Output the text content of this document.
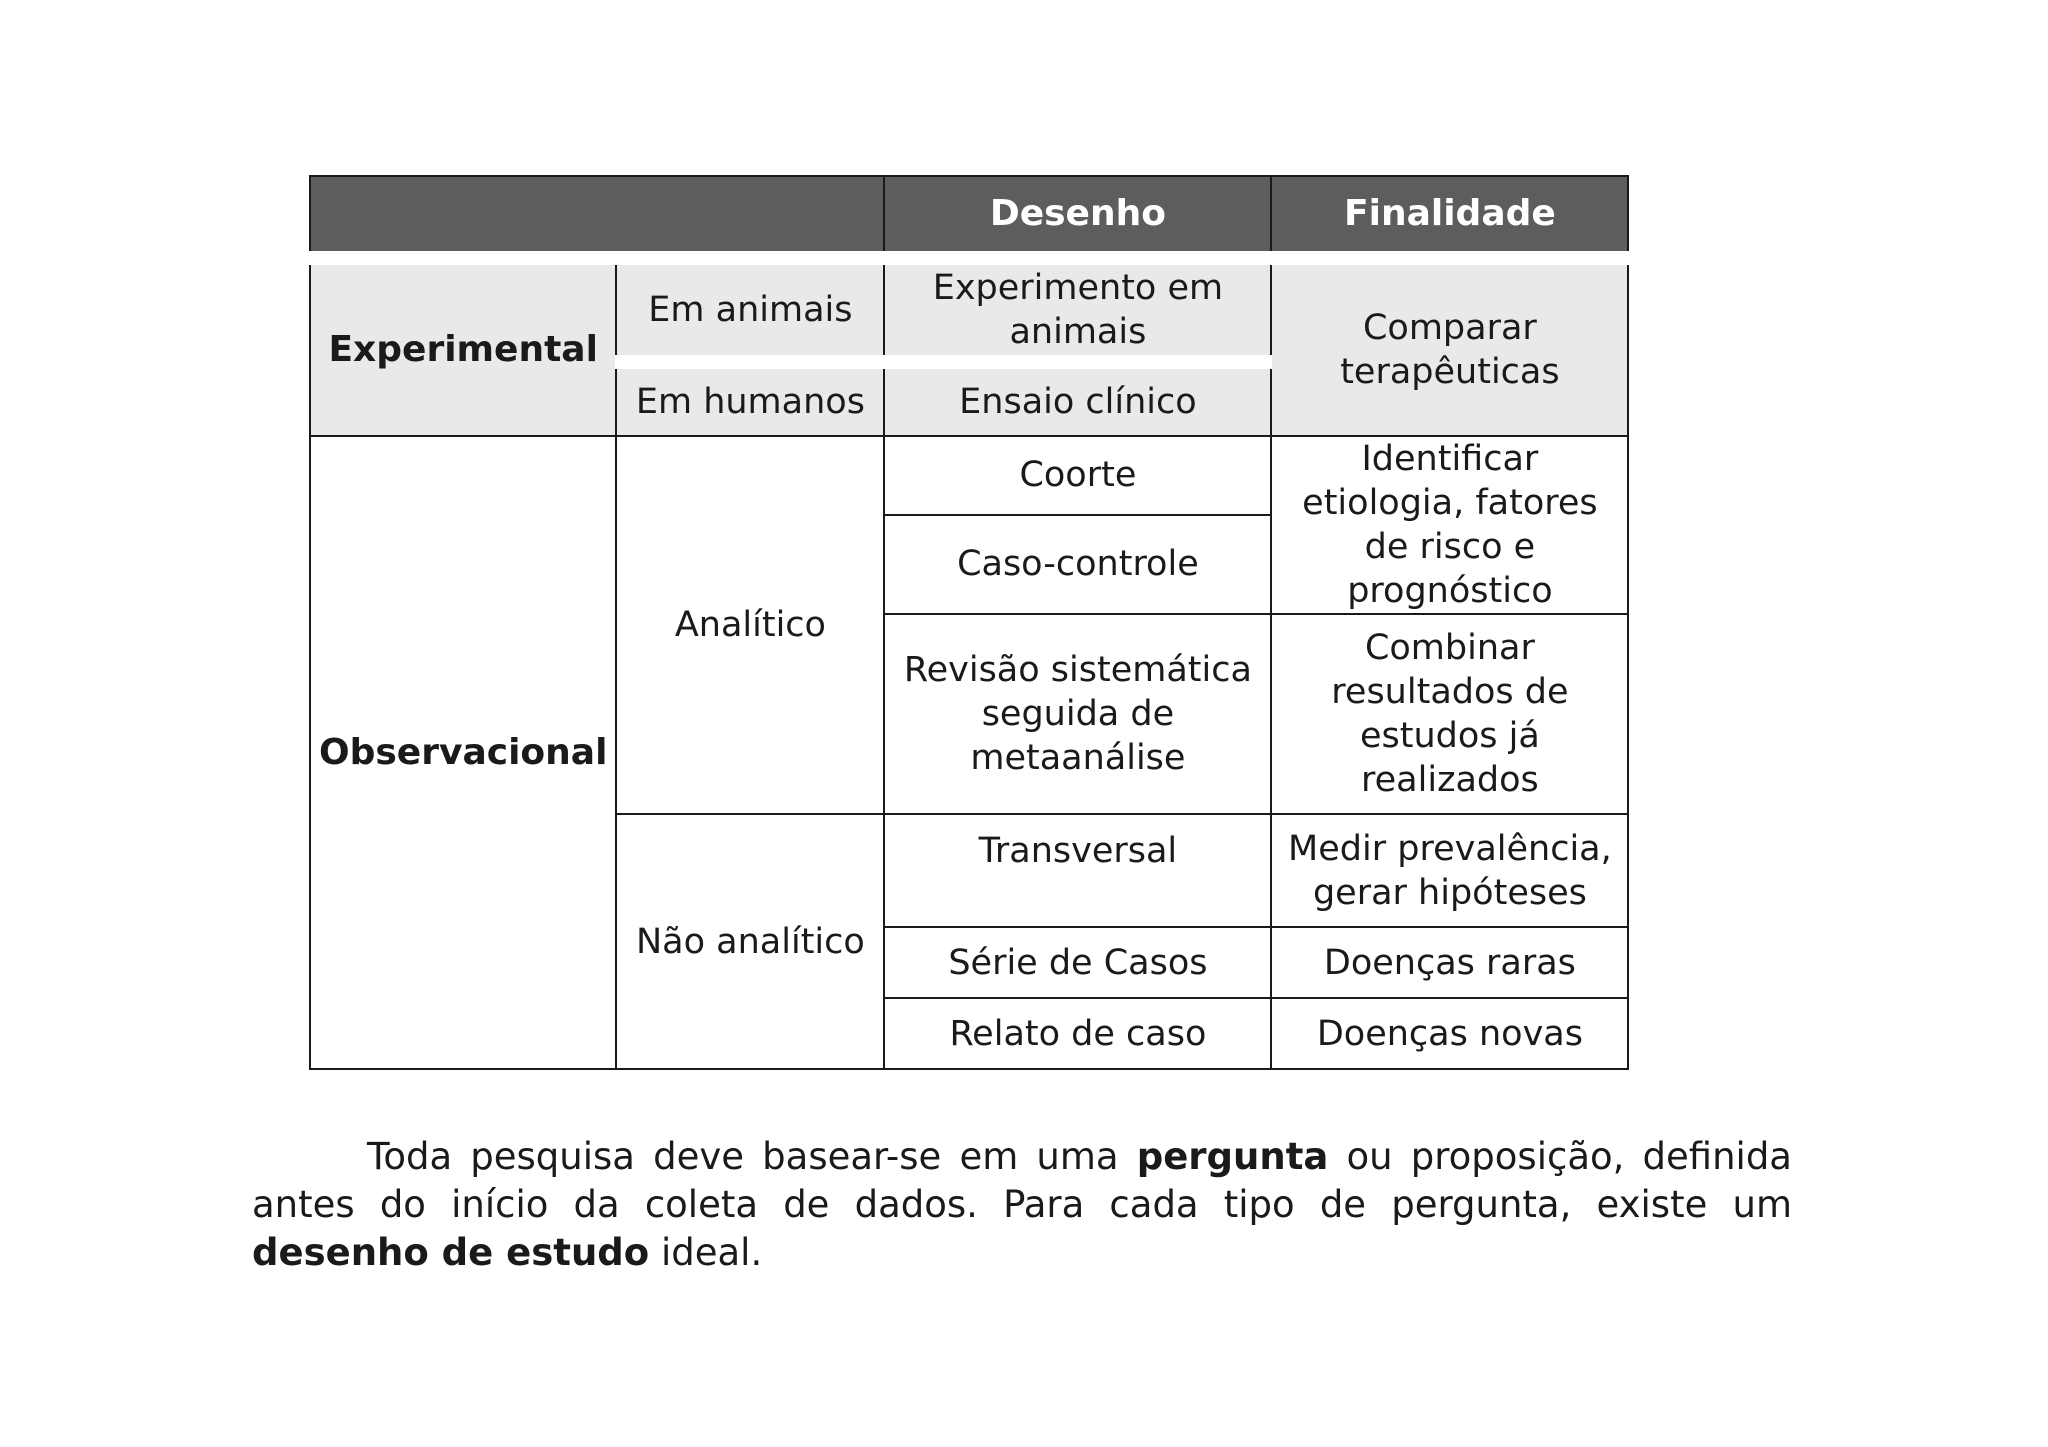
		Desenho	Finalidade
Experimental	Em animais	Experimento em animais	Comparar terapêuticas
	Em humanos	Ensaio clínico	
Observacional	Analítico	Coorte	Identificar etiologia, fatores de risco e prognóstico
		Caso-controle	
		Revisão sistemática seguida de metaanálise	Combinar resultados de estudos já realizados
	Não analítico	Transversal	Medir prevalência, gerar hipóteses
		Série de Casos	Doenças raras
		Relato de caso	Doenças novas

Toda pesquisa deve basear-se em uma pergunta ou proposição, definida antes do início da coleta de dados. Para cada tipo de pergunta, existe um desenho de estudo ideal.
